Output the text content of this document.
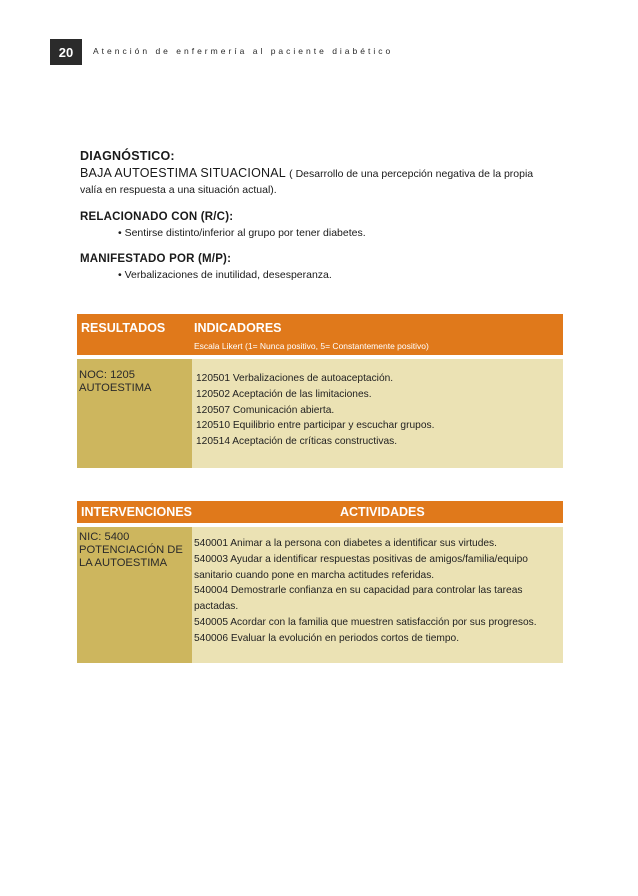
20	Atención de enfermería al paciente diabético
DIAGNÓSTICO:
BAJA AUTOESTIMA SITUACIONAL ( Desarrollo de una percepción negativa de la propia
valía en respuesta a una situación actual).
RELACIONADO CON (R/C):
• Sentirse distinto/inferior al grupo por tener diabetes.
MANIFESTADO POR (M/P):
• Verbalizaciones de inutilidad, desesperanza.
RESULTADOS INDICADORES
Escala Likert (1= Nunca positivo, 5= Constantemente positivo)
NOC: 1205
AUTOESTIMA
120501 Verbalizaciones de autoaceptación.
120502 Aceptación de las limitaciones.
120507 Comunicación abierta.
120510 Equilibrio entre participar y escuchar grupos.
120514 Aceptación de críticas constructivas.
INTERVENCIONES	ACTIVIDADES
NIC: 5400
POTENCIACIÓN DE
LA AUTOESTIMA
540001 Animar a la persona con diabetes a identificar sus virtudes.
540003 Ayudar a identificar respuestas positivas de amigos/familia/equipo
sanitario cuando pone en marcha actitudes referidas.
540004 Demostrarle confianza en su capacidad para controlar las tareas
pactadas.
540005 Acordar con la familia que muestren satisfacción por sus progresos.
540006 Evaluar la evolución en periodos cortos de tiempo.
